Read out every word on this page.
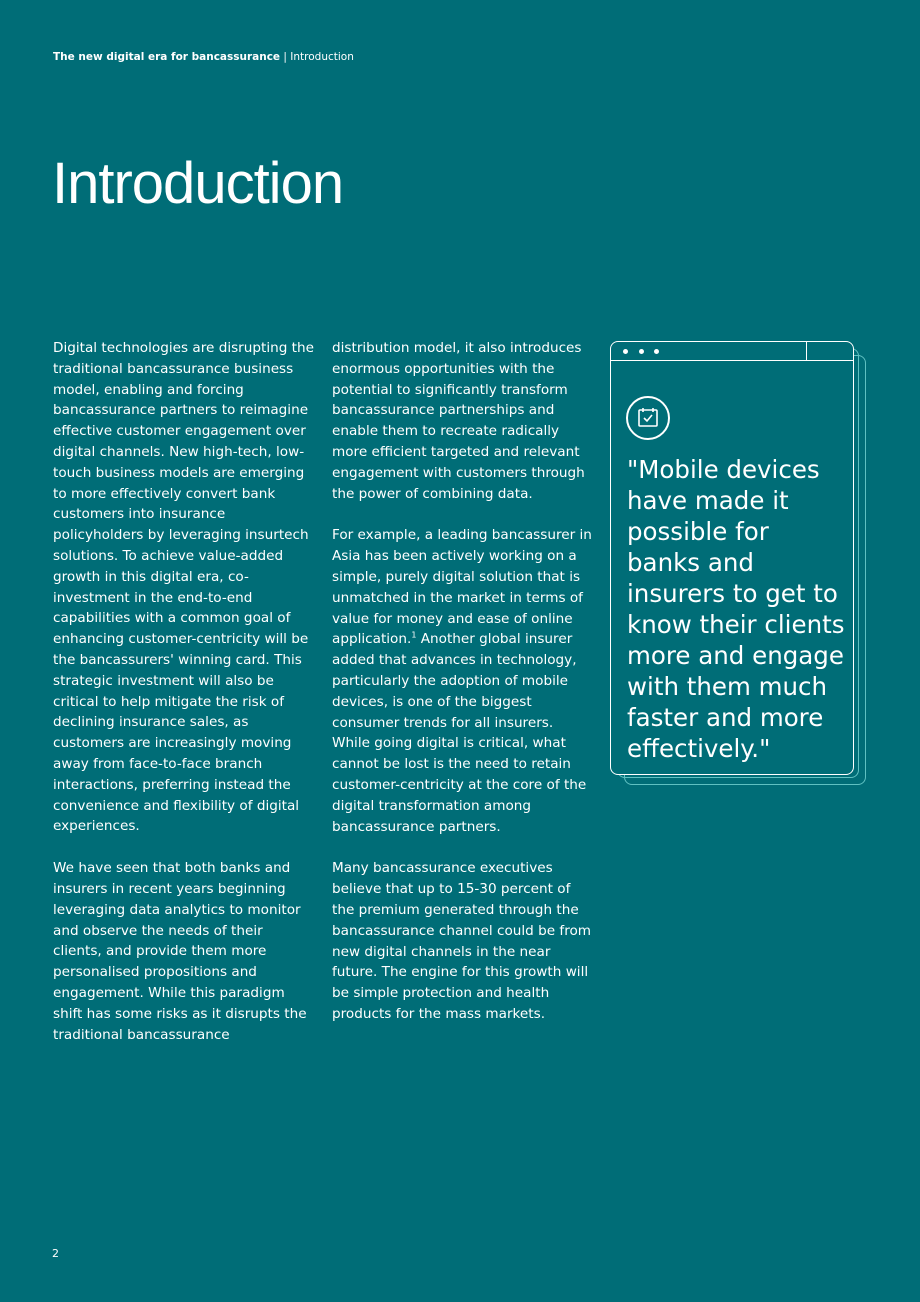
The new digital era for bancassurance | Introduction
Introduction

Digital technologies are disrupting the traditional bancassurance business model, enabling and forcing bancassurance partners to reimagine effective customer engagement over digital channels. New high-tech, low-touch business models are emerging to more effectively convert bank customers into insurance policyholders by leveraging insurtech solutions. To achieve value-added growth in this digital era, co-investment in the end-to-end capabilities with a common goal of enhancing customer-centricity will be the bancassurers' winning card. This strategic investment will also be critical to help mitigate the risk of declining insurance sales, as customers are increasingly moving away from face-to-face branch interactions, preferring instead the convenience and flexibility of digital experiences.

We have seen that both banks and insurers in recent years beginning leveraging data analytics to monitor and observe the needs of their clients, and provide them more personalised propositions and engagement. While this paradigm shift has some risks as it disrupts the traditional bancassurance

distribution model, it also introduces enormous opportunities with the potential to significantly transform bancassurance partnerships and enable them to recreate radically more efficient targeted and relevant engagement with customers through the power of combining data.

For example, a leading bancassurer in Asia has been actively working on a simple, purely digital solution that is unmatched in the market in terms of value for money and ease of online application.$^1$ Another global insurer added that advances in technology, particularly the adoption of mobile devices, is one of the biggest consumer trends for all insurers. While going digital is critical, what cannot be lost is the need to retain customer-centricity at the core of the digital transformation among bancassurance partners.

Many bancassurance executives believe that up to 15-30 percent of the premium generated through the bancassurance channel could be from new digital channels in the near future. The engine for this growth will be simple protection and health products for the mass markets.

"Mobile devices have made it possible for banks and insurers to get to know their clients more and engage with them much faster and more effectively."

2
